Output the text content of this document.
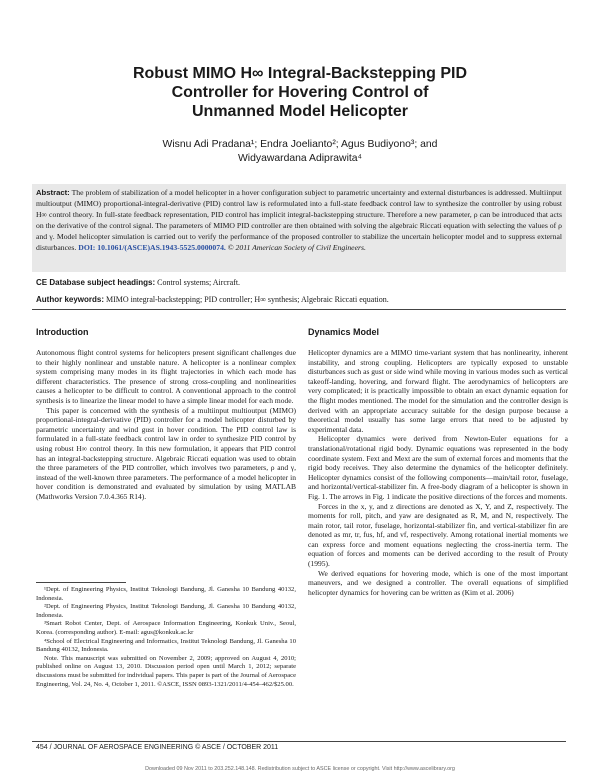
Robust MIMO H∞ Integral-Backstepping PID
Controller for Hovering Control of
Unmanned Model Helicopter
Wisnu Adi Pradana¹; Endra Joelianto²; Agus Budiyono³; and
Widyawardana Adiprawita⁴
Abstract: The problem of stabilization of a model helicopter in a hover configuration subject to parametric uncertainty and external disturbances is addressed. Multiinput multioutput (MIMO) proportional-integral-derivative (PID) control law is reformulated into a full-state feedback control law to synthesize the controller by using robust H∞ control theory. In full-state feedback representation, PID control has implicit integral-backstepping structure. Therefore a new parameter, ρ can be introduced that acts on the derivative of the control signal. The parameters of MIMO PID controller are then obtained with solving the algebraic Riccati equation with selecting the values of ρ and γ. Model helicopter simulation is carried out to verify the performance of the proposed controller to stabilize the uncertain helicopter model and to suppress external disturbances. DOI: 10.1061/(ASCE)AS.1943-5525.0000074. © 2011 American Society of Civil Engineers.
CE Database subject headings: Control systems; Aircraft.
Author keywords: MIMO integral-backstepping; PID controller; H∞ synthesis; Algebraic Riccati equation.
Introduction

Autonomous flight control systems for helicopters present significant challenges due to their highly nonlinear and unstable nature. A helicopter is a nonlinear complex system comprising many modes in its flight trajectories in which each mode has different characteristics. The presence of strong cross-coupling and nonlinearities causes a helicopter to be difficult to control. A conventional approach to the control synthesis is to linearize the linear model to have a simple linear model for each mode.

This paper is concerned with the synthesis of a multiinput multioutput (MIMO) proportional-integral-derivative (PID) controller for a model helicopter disturbed by parametric uncertainty and wind gust in hover condition. The PID control law is formulated in a full-state feedback control law in order to synthesize PID control by using robust H∞ control theory. In this new formulation, it appears that PID control has an integral-backstepping structure. Algebraic Riccati equation was used to obtain the three parameters of the PID controller, which involves two parameters, ρ and γ, instead of the well-known three parameters. The performance of a model helicopter in hover condition is demonstrated and evaluated by simulation by using MATLAB (Mathworks Version 7.0.4.365 R14).

¹Dept. of Engineering Physics, Institut Teknologi Bandung, Jl. Ganesha 10 Bandung 40132, Indonesia.

²Dept. of Engineering Physics, Institut Teknologi Bandung, Jl. Ganesha 10 Bandung 40132, Indonesia.

³Smart Robot Center, Dept. of Aerospace Information Engineering, Konkuk Univ., Seoul, Korea. (corresponding author). E-mail: agus@konkuk.ac.kr

⁴School of Electrical Engineering and Informatics, Institut Teknologi Bandung, Jl. Ganesha 10 Bandung 40132, Indonesia.

Note. This manuscript was submitted on November 2, 2009; approved on August 4, 2010; published online on August 13, 2010. Discussion period open until March 1, 2012; separate discussions must be submitted for individual papers. This paper is part of the Journal of Aerospace Engineering, Vol. 24, No. 4, October 1, 2011. ©ASCE, ISSN 0893-1321/2011/4-454–462/$25.00.

Dynamics Model

Helicopter dynamics are a MIMO time-variant system that has nonlinearity, inherent instability, and strong coupling. Helicopters are typically exposed to unstable disturbances such as gust or side wind while moving in various modes such as vertical takeoff-landing, hovering, and forward flight. The aerodynamics of helicopters are very complicated; it is practically impossible to obtain an exact dynamic equation for the flight modes mentioned. The model for the simulation and the controller design is derived with an appropriate accuracy suitable for the design purpose because a theoretical model usually has some large errors that need to be adjusted by experimental data.

Helicopter dynamics were derived from Newton-Euler equations for a translational/rotational rigid body. Dynamic equations was represented in the body coordinate system. Fext and Mext are the sum of external forces and moments that the rigid body receives. They also determine the dynamics of the helicopter definitely. Helicopter dynamics consist of the following components—main/tail rotor, fuselage, and horizontal/vertical-stabilizer fin. A free-body diagram of a helicopter is shown in Fig. 1. The arrows in Fig. 1 indicate the positive directions of the forces and moments.

Forces in the x, y, and z directions are denoted as X, Y, and Z, respectively. The moments for roll, pitch, and yaw are designated as R, M, and N, respectively. The main rotor, tail rotor, fuselage, horizontal-stabilizer fin, and vertical-stabilizer fin are denoted as mr, tr, fus, hf, and vf, respectively. Among rotational inertial moments we can express force and moment equations neglecting the cross-inertia term. The equation of forces and moments can be derived according to the result of Prouty (1995).

We derived equations for hovering mode, which is one of the most important maneuvers, and we designed a controller. The overall equations of simplified helicopter dynamics for hovering can be written as (Kim et al. 2006)

454 / JOURNAL OF AEROSPACE ENGINEERING © ASCE / OCTOBER 2011
Downloaded 09 Nov 2011 to 203.252.148.148. Redistribution subject to ASCE license or copyright. Visit http://www.ascelibrary.org
